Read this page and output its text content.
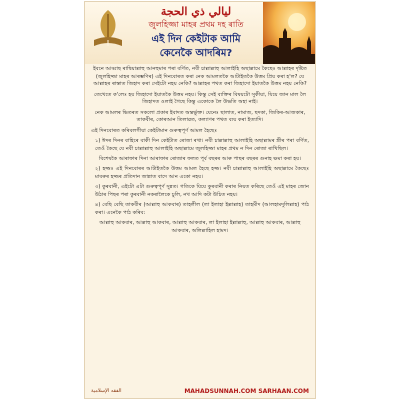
ليالي ذي الحجة
জুলহিজ্জা মাহৰ প্ৰথম দহ ৰাতি
এই দিন কেইটাক আমি
কেনেকৈ আদৰিম?

ইবনে আব্বাছ ৰাদ্বিয়াল্লাহু আনহুমাৰ পৰা বৰ্ণিত, নবী চাল্লাল্লাহু আলাইহি অছাল্লামে কৈছেঃ আল্লাহৰ দৃষ্টিত (জুলহিজ্জা মাহৰ আৰম্ভণিৰ) এই দিনবোৰত কৰা নেক আমলতকৈ আটাইতকৈ উত্তম প্ৰিয় কৰা হ'ল? যে আল্লাহৰ ৰাস্তাত জিহাদ কৰা সেইটো নহয় নেকি? আল্লাহৰ পথত কৰা জিহাদো ইয়াতকৈ উত্তম নহয় নেকি?

তেখেতে ক'লেঃ হয় জিহাদো ইয়াতকৈ উত্তম নহয়। কিন্তু সেই ব্যক্তিৰ বিষয়টো সুকীয়া, যিয়ে জান মাল লৈ জিহাদত ওলাই গৈছে কিন্তু একোকে লৈ উভতি অহা নাই।

নেক আমলৰ ভিতৰত সকলো প্ৰকাৰ ইবাদত অন্তৰ্ভুক্ত। যেনেঃ ছালাত, নামাজ, ছদকা, জিকিৰ-আজকাৰ, তাকবীৰ, কোৰআন তিলাৱত, কল্যাণৰ পথত ব্যয় কৰা ইত্যাদি।

এই দিনবোৰত কৰিবলগীয়া কেইটামান গুৰুত্বপূৰ্ণ আমল হৈছেঃ

১) ঈদৰ দিনৰ বাহিৰে বাকী দিন কেইটাত ৰোজা ৰখা। নবী চাল্লাল্লাহু আলাইহি অছাল্লামৰ স্ত্ৰীৰ পৰা বৰ্ণিত, তেওঁ কৈছে যে নবী চাল্লাল্লাহু আলাইহি অছাল্লামে জুলহিজ্জা মাহৰ প্ৰথম ন দিন ৰোজা ৰাখিছিল।

বিশেষকৈ আৰাফাৰ দিনা আৰাফাৰ ৰোজাৰ ফলত পূৰ্ব বছৰৰ আৰু পাছৰ বছৰৰ গুনাহ ক্ষমা কৰা হয়।

২) হজ্জঃ এই দিনবোৰৰ আটাইতকৈ উত্তম আমল হৈছে হজ্জ। নবী চাল্লাল্লাহু আলাইহি অছাল্লামে কৈছেঃ মাবৰুৰ হজ্জৰ প্ৰতিদান জান্নাত বাদে আন একো নহয়।

৩) কুৰবানী, এইটো এটা গুৰুত্বপূৰ্ণ সুন্নত। গতিকে যিয়ে কুৰবানী কৰাৰ নিয়ত কৰিছে তেওঁ এই মাহৰ জোন উঠাৰ পিছৰ পৰা কুৰবানী নকৰালৈকে চুলি, নখ আদি কটা উচিত নহয়।

৪) বেছি বেছি তাকবীৰ (আল্লাহু আকবাৰ) তাহলীল (লা ইলাহা ইল্লাল্লাহ) তাহমীদ (আলহামদুলিল্লাহ) পাঠ কৰা। এনেকৈ পাঠ কৰিব:

আল্লাহু আকবাৰ, আল্লাহু আকবাৰ, আল্লাহু আকবাৰ, লা ইলাহা ইল্লাল্লাহু, আল্লাহু আকবাৰ, আল্লাহু আকবাৰ, অলিল্লাহিল হামদ।

الفقه الإسلامية	MAHADSUNNAH.COM SARHAAN.COM
